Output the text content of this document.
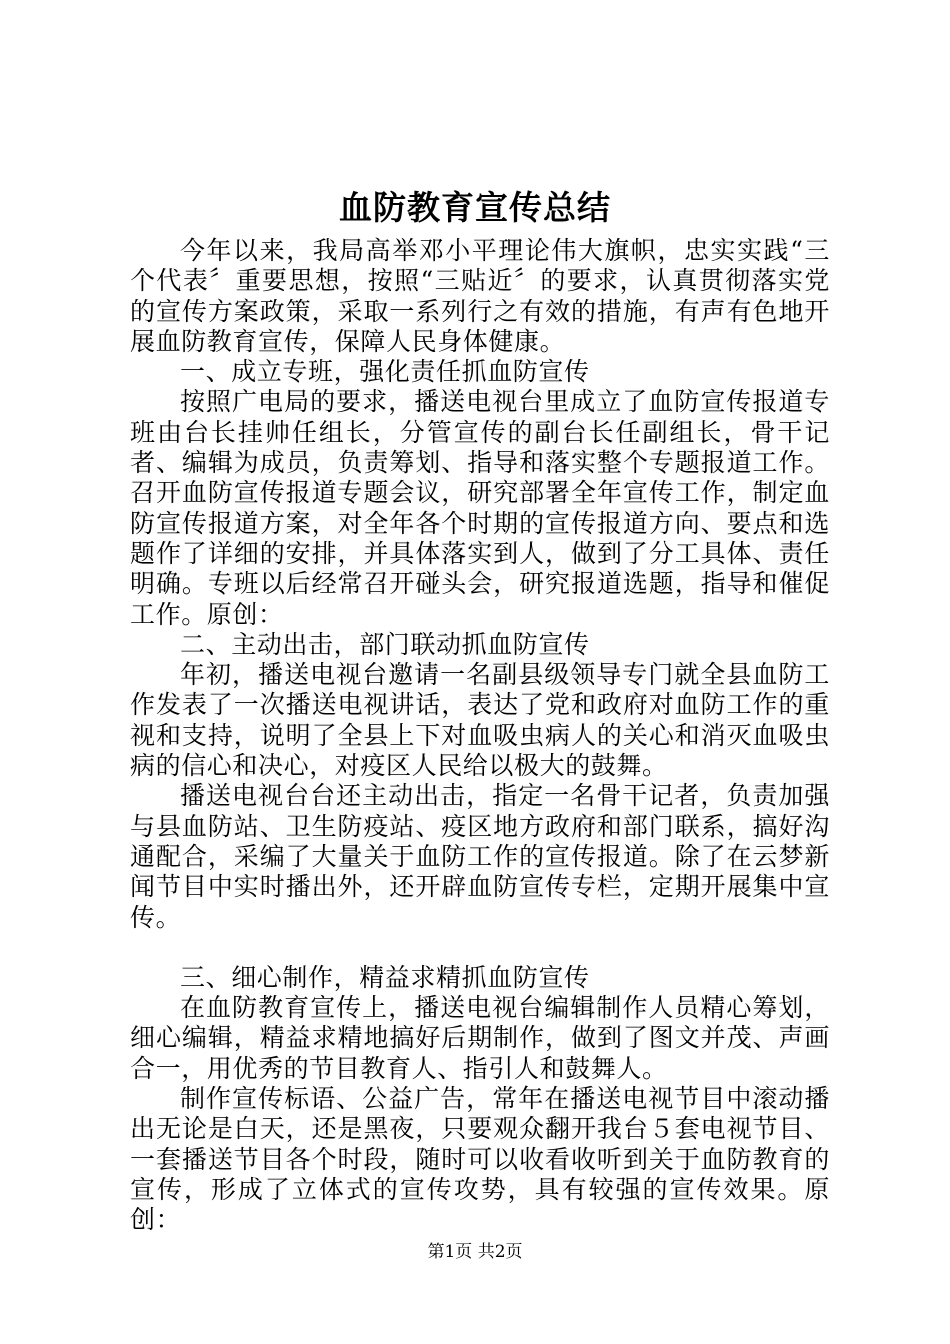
血防教育宣传总结

今年以来，我局高举邓小平理论伟大旗帜，忠实实践“三个代表〞重要思想，按照“三贴近〞的要求，认真贯彻落实党的宣传方案政策，采取一系列行之有效的措施，有声有色地开展血防教育宣传，保障人民身体健康。

一、成立专班，强化责任抓血防宣传

按照广电局的要求，播送电视台里成立了血防宣传报道专班由台长挂帅任组长，分管宣传的副台长任副组长，骨干记者、编辑为成员，负责筹划、指导和落实整个专题报道工作。召开血防宣传报道专题会议，研究部署全年宣传工作，制定血防宣传报道方案，对全年各个时期的宣传报道方向、要点和选题作了详细的安排，并具体落实到人，做到了分工具体、责任明确。专班以后经常召开碰头会，研究报道选题，指导和催促工作。原创：

二、主动出击，部门联动抓血防宣传

年初，播送电视台邀请一名副县级领导专门就全县血防工作发表了一次播送电视讲话，表达了党和政府对血防工作的重视和支持，说明了全县上下对血吸虫病人的关心和消灭血吸虫病的信心和决心，对疫区人民给以极大的鼓舞。

播送电视台台还主动出击，指定一名骨干记者，负责加强与县血防站、卫生防疫站、疫区地方政府和部门联系，搞好沟通配合，采编了大量关于血防工作的宣传报道。除了在云梦新闻节目中实时播出外，还开辟血防宣传专栏，定期开展集中宣传。

三、细心制作，精益求精抓血防宣传

在血防教育宣传上，播送电视台编辑制作人员精心筹划，细心编辑，精益求精地搞好后期制作，做到了图文并茂、声画合一，用优秀的节目教育人、指引人和鼓舞人。

制作宣传标语、公益广告，常年在播送电视节目中滚动播出无论是白天，还是黑夜，只要观众翻开我台５套电视节目、一套播送节目各个时段，随时可以收看收听到关于血防教育的宣传，形成了立体式的宣传攻势，具有较强的宣传效果。原创：

第1页 共2页
